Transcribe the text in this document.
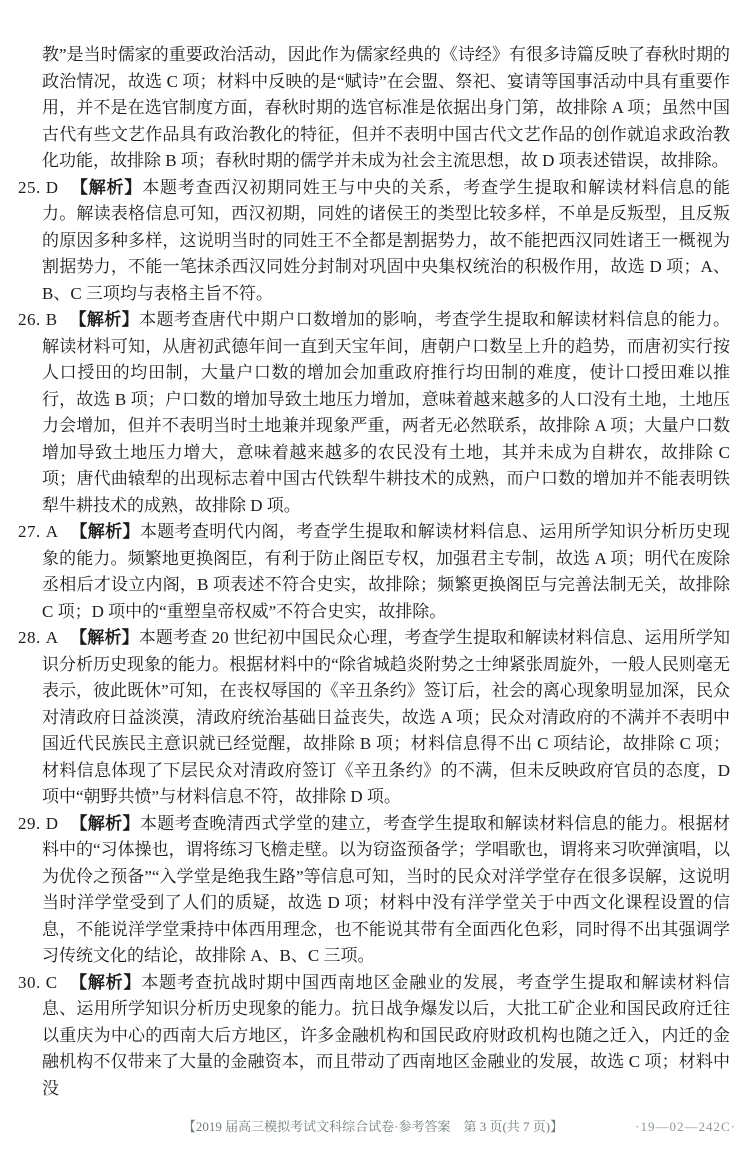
教”是当时儒家的重要政治活动，因此作为儒家经典的《诗经》有很多诗篇反映了春秋时期的政治情况，故选 C 项；材料中反映的是“赋诗”在会盟、祭祀、宴请等国事活动中具有重要作用，并不是在选官制度方面，春秋时期的选官标准是依据出身门第，故排除 A 项；虽然中国古代有些文艺作品具有政治教化的特征，但并不表明中国古代文艺作品的创作就追求政治教化功能，故排除 B 项；春秋时期的儒学并未成为社会主流思想，故 D 项表述错误，故排除。

25. D 【解析】本题考查西汉初期同姓王与中央的关系，考查学生提取和解读材料信息的能力。解读表格信息可知，西汉初期，同姓的诸侯王的类型比较多样，不单是反叛型，且反叛的原因多种多样，这说明当时的同姓王不全都是割据势力，故不能把西汉同姓诸王一概视为割据势力，不能一笔抹杀西汉同姓分封制对巩固中央集权统治的积极作用，故选 D 项；A、B、C 三项均与表格主旨不符。
26. B 【解析】本题考查唐代中期户口数增加的影响，考查学生提取和解读材料信息的能力。解读材料可知，从唐初武德年间一直到天宝年间，唐朝户口数呈上升的趋势，而唐初实行按人口授田的均田制，大量户口数的增加会加重政府推行均田制的难度，使计口授田难以推行，故选 B 项；户口数的增加导致土地压力增加，意味着越来越多的人口没有土地，土地压力会增加，但并不表明当时土地兼并现象严重，两者无必然联系，故排除 A 项；大量户口数增加导致土地压力增大，意味着越来越多的农民没有土地，其并未成为自耕农，故排除 C 项；唐代曲辕犁的出现标志着中国古代铁犁牛耕技术的成熟，而户口数的增加并不能表明铁犁牛耕技术的成熟，故排除 D 项。
27. A 【解析】本题考查明代内阁，考查学生提取和解读材料信息、运用所学知识分析历史现象的能力。频繁地更换阁臣，有利于防止阁臣专权，加强君主专制，故选 A 项；明代在废除丞相后才设立内阁，B 项表述不符合史实，故排除；频繁更换阁臣与完善法制无关，故排除 C 项；D 项中的“重塑皇帝权威”不符合史实，故排除。
28. A 【解析】本题考查 20 世纪初中国民众心理，考查学生提取和解读材料信息、运用所学知识分析历史现象的能力。根据材料中的“除省城趋炎附势之士绅紧张周旋外，一般人民则毫无表示，彼此既休”可知，在丧权辱国的《辛丑条约》签订后，社会的离心现象明显加深，民众对清政府日益淡漠，清政府统治基础日益丧失，故选 A 项；民众对清政府的不满并不表明中国近代民族民主意识就已经觉醒，故排除 B 项；材料信息得不出 C 项结论，故排除 C 项；材料信息体现了下层民众对清政府签订《辛丑条约》的不满，但未反映政府官员的态度，D 项中“朝野共愤”与材料信息不符，故排除 D 项。
29. D 【解析】本题考查晚清西式学堂的建立，考查学生提取和解读材料信息的能力。根据材料中的“习体操也，谓将练习飞檐走壁。以为窃盗预备学；学唱歌也，谓将来习吹弹演唱，以为优伶之预备”“入学堂是绝我生路”等信息可知，当时的民众对洋学堂存在很多误解，这说明当时洋学堂受到了人们的质疑，故选 D 项；材料中没有洋学堂关于中西文化课程设置的信息，不能说洋学堂秉持中体西用理念，也不能说其带有全面西化色彩，同时得不出其强调学习传统文化的结论，故排除 A、B、C 三项。
30. C 【解析】本题考查抗战时期中国西南地区金融业的发展，考查学生提取和解读材料信息、运用所学知识分析历史现象的能力。抗日战争爆发以后，大批工矿企业和国民政府迁往以重庆为中心的西南大后方地区，许多金融机构和国民政府财政机构也随之迁入，内迁的金融机构不仅带来了大量的金融资本，而且带动了西南地区金融业的发展，故选 C 项；材料中没
【2019 届高三模拟考试文科综合试卷·参考答案　第 3 页(共 7 页)】	·19—02—242C·
